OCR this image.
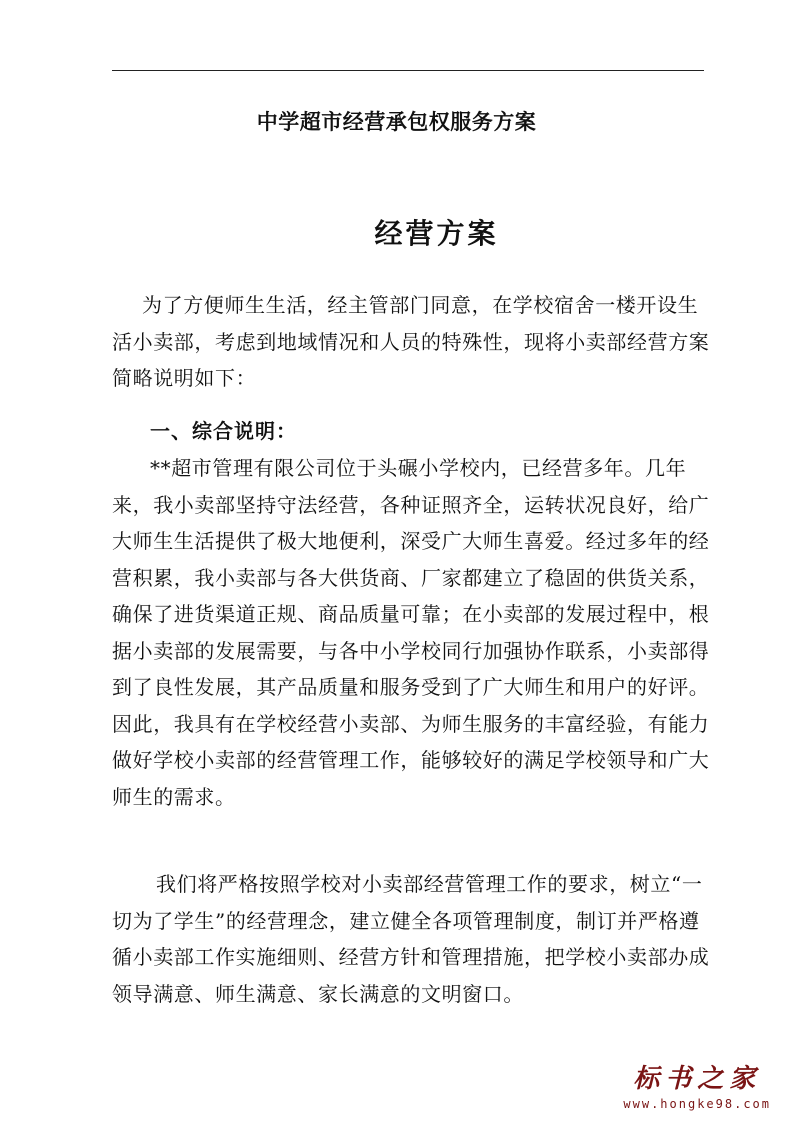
中学超市经营承包权服务方案
经营方案

为了方便师生生活，经主管部门同意，在学校宿舍一楼开设生活小卖部，考虑到地域情况和人员的特殊性，现将小卖部经营方案简略说明如下：

一、综合说明：

**超市管理有限公司位于头碾小学校内，已经营多年。几年来，我小卖部坚持守法经营，各种证照齐全，运转状况良好，给广大师生生活提供了极大地便利，深受广大师生喜爱。经过多年的经营积累，我小卖部与各大供货商、厂家都建立了稳固的供货关系，确保了进货渠道正规、商品质量可靠；在小卖部的发展过程中，根据小卖部的发展需要，与各中小学校同行加强协作联系，小卖部得到了良性发展，其产品质量和服务受到了广大师生和用户的好评。因此，我具有在学校经营小卖部、为师生服务的丰富经验，有能力做好学校小卖部的经营管理工作，能够较好的满足学校领导和广大师生的需求。

我们将严格按照学校对小卖部经营管理工作的要求，树立“一切为了学生”的经营理念，建立健全各项管理制度，制订并严格遵循小卖部工作实施细则、经营方针和管理措施，把学校小卖部办成领导满意、师生满意、家长满意的文明窗口。

标书之家
www.hongke98.com
